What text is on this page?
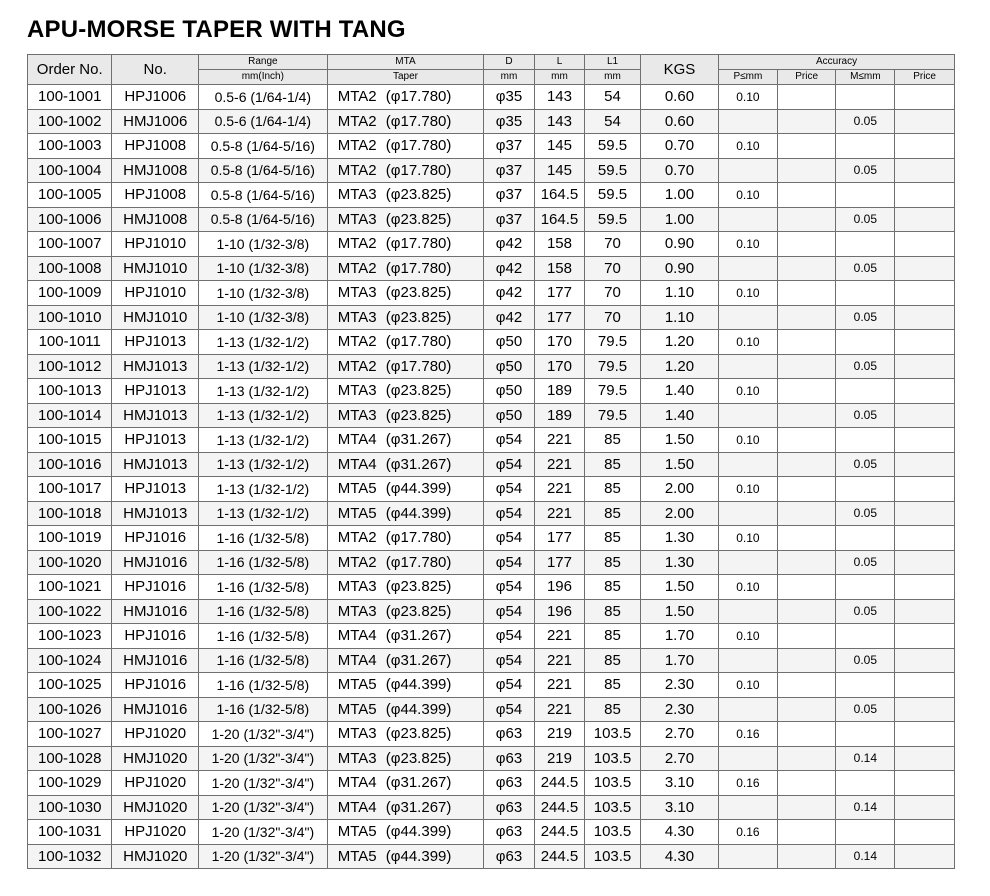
APU-MORSE TAPER WITH TANG
Order No.	No.	Range	MTA	D	L	L1	KGS	Accuracy			
		mm(Inch)	Taper	mm	mm	mm		P≤mm	Price	M≤mm	Price
100-1001	HPJ1006	0.5-6 (1/64-1/4)	MTA2 (φ17.780)	φ35	143	54	0.60	0.10			
100-1002	HMJ1006	0.5-6 (1/64-1/4)	MTA2 (φ17.780)	φ35	143	54	0.60			0.05	
100-1003	HPJ1008	0.5-8 (1/64-5/16)	MTA2 (φ17.780)	φ37	145	59.5	0.70	0.10			
100-1004	HMJ1008	0.5-8 (1/64-5/16)	MTA2 (φ17.780)	φ37	145	59.5	0.70			0.05	
100-1005	HPJ1008	0.5-8 (1/64-5/16)	MTA3 (φ23.825)	φ37	164.5	59.5	1.00	0.10			
100-1006	HMJ1008	0.5-8 (1/64-5/16)	MTA3 (φ23.825)	φ37	164.5	59.5	1.00			0.05	
100-1007	HPJ1010	1-10 (1/32-3/8)	MTA2 (φ17.780)	φ42	158	70	0.90	0.10			
100-1008	HMJ1010	1-10 (1/32-3/8)	MTA2 (φ17.780)	φ42	158	70	0.90			0.05	
100-1009	HPJ1010	1-10 (1/32-3/8)	MTA3 (φ23.825)	φ42	177	70	1.10	0.10			
100-1010	HMJ1010	1-10 (1/32-3/8)	MTA3 (φ23.825)	φ42	177	70	1.10			0.05	
100-1011	HPJ1013	1-13 (1/32-1/2)	MTA2 (φ17.780)	φ50	170	79.5	1.20	0.10			
100-1012	HMJ1013	1-13 (1/32-1/2)	MTA2 (φ17.780)	φ50	170	79.5	1.20			0.05	
100-1013	HPJ1013	1-13 (1/32-1/2)	MTA3 (φ23.825)	φ50	189	79.5	1.40	0.10			
100-1014	HMJ1013	1-13 (1/32-1/2)	MTA3 (φ23.825)	φ50	189	79.5	1.40			0.05	
100-1015	HPJ1013	1-13 (1/32-1/2)	MTA4 (φ31.267)	φ54	221	85	1.50	0.10			
100-1016	HMJ1013	1-13 (1/32-1/2)	MTA4 (φ31.267)	φ54	221	85	1.50			0.05	
100-1017	HPJ1013	1-13 (1/32-1/2)	MTA5 (φ44.399)	φ54	221	85	2.00	0.10			
100-1018	HMJ1013	1-13 (1/32-1/2)	MTA5 (φ44.399)	φ54	221	85	2.00			0.05	
100-1019	HPJ1016	1-16 (1/32-5/8)	MTA2 (φ17.780)	φ54	177	85	1.30	0.10			
100-1020	HMJ1016	1-16 (1/32-5/8)	MTA2 (φ17.780)	φ54	177	85	1.30			0.05	
100-1021	HPJ1016	1-16 (1/32-5/8)	MTA3 (φ23.825)	φ54	196	85	1.50	0.10			
100-1022	HMJ1016	1-16 (1/32-5/8)	MTA3 (φ23.825)	φ54	196	85	1.50			0.05	
100-1023	HPJ1016	1-16 (1/32-5/8)	MTA4 (φ31.267)	φ54	221	85	1.70	0.10			
100-1024	HMJ1016	1-16 (1/32-5/8)	MTA4 (φ31.267)	φ54	221	85	1.70			0.05	
100-1025	HPJ1016	1-16 (1/32-5/8)	MTA5 (φ44.399)	φ54	221	85	2.30	0.10			
100-1026	HMJ1016	1-16 (1/32-5/8)	MTA5 (φ44.399)	φ54	221	85	2.30			0.05	
100-1027	HPJ1020	1-20 (1/32"-3/4")	MTA3 (φ23.825)	φ63	219	103.5	2.70	0.16			
100-1028	HMJ1020	1-20 (1/32"-3/4")	MTA3 (φ23.825)	φ63	219	103.5	2.70			0.14	
100-1029	HPJ1020	1-20 (1/32"-3/4")	MTA4 (φ31.267)	φ63	244.5	103.5	3.10	0.16			
100-1030	HMJ1020	1-20 (1/32"-3/4")	MTA4 (φ31.267)	φ63	244.5	103.5	3.10			0.14	
100-1031	HPJ1020	1-20 (1/32"-3/4")	MTA5 (φ44.399)	φ63	244.5	103.5	4.30	0.16			
100-1032	HMJ1020	1-20 (1/32"-3/4")	MTA5 (φ44.399)	φ63	244.5	103.5	4.30			0.14	
